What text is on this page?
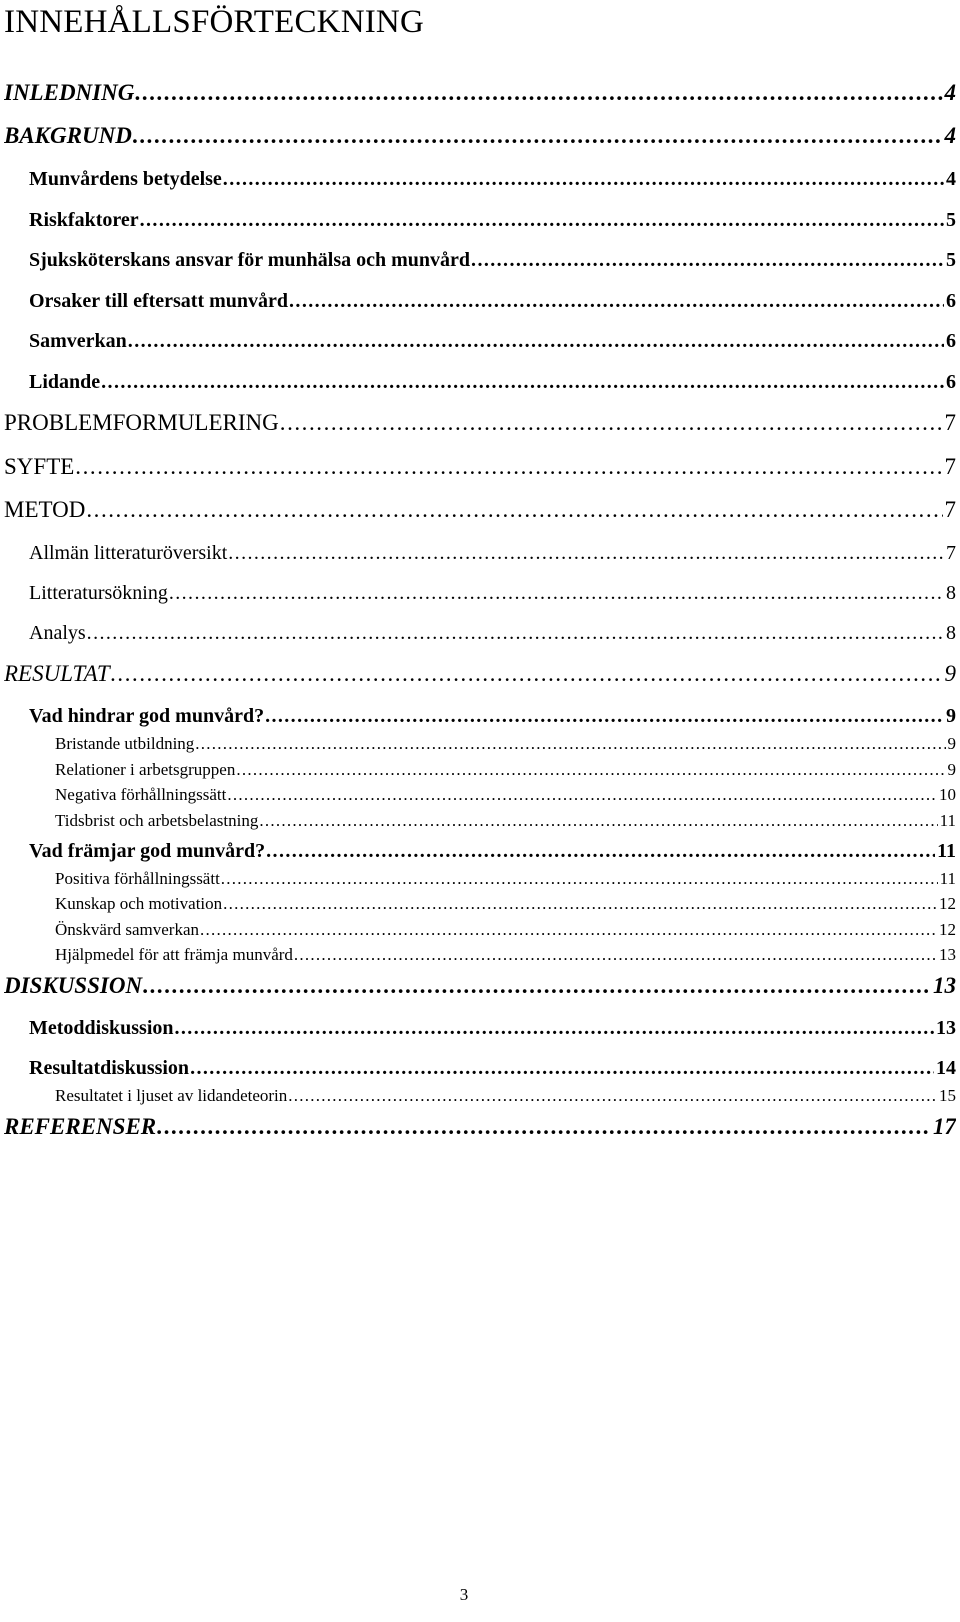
INNEHÅLLSFÖRTECKNING
INLEDNING . . .	4
BAKGRUND . . .	4
Munvårdens betydelse . . .	4
Riskfaktorer . . .	5
Sjuksköterskans ansvar för munhälsa och munvård . . .	5
Orsaker till eftersatt munvård . . .	6
Samverkan . . .	6
Lidande . . .	6
PROBLEMFORMULERING . . .	7
SYFTE . . .	7
METOD . . .	7
Allmän litteraturöversikt . . .	7
Litteratursökning . . .	8
Analys . . .	8
RESULTAT . . .	9
Vad hindrar god munvård? . . .	9
Bristande utbildning . . .	9
Relationer i arbetsgruppen . . .	9
Negativa förhållningssätt . . .	10
Tidsbrist och arbetsbelastning . . .	11
Vad främjar god munvård? . . .	11
Positiva förhållningssätt . . .	11
Kunskap och motivation . . .	12
Önskvärd samverkan . . .	12
Hjälpmedel för att främja munvård . . .	13
DISKUSSION . . .	13
Metoddiskussion . . .	13
Resultatdiskussion . . .	14
Resultatet i ljuset av lidandeteorin . . .	15
REFERENSER . . .	17
3
